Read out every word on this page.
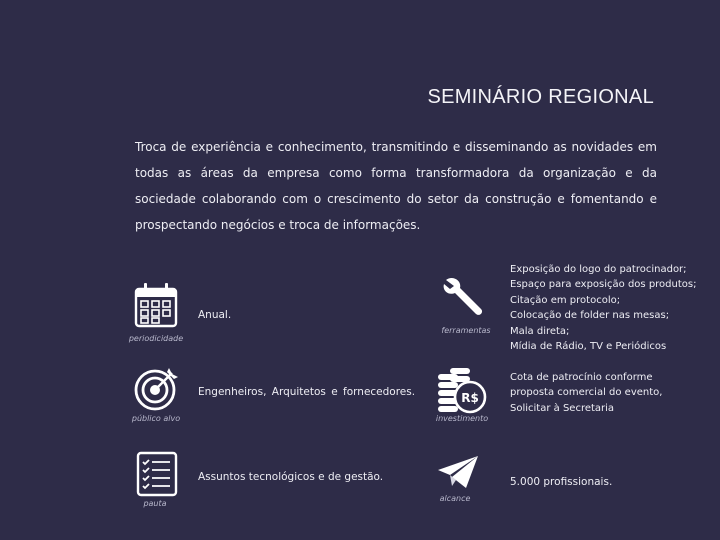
SEMINÁRIO REGIONAL
Troca de experiência e conhecimento, transmitindo e disseminando as novidades em todas as áreas da empresa como forma transformadora da organização e da sociedade colaborando com o crescimento do setor da construção e fomentando e prospectando negócios e troca de informações.
periodicidade
Anual.
público alvo
Engenheiros, Arquitetos e fornecedores.
pauta
Assuntos tecnológicos e de gestão.
ferramentas
Exposição do logo do patrocinador;
Espaço para exposição dos produtos;
Citação em protocolo;
Colocação de folder nas mesas;
Mala direta;
Mídia de Rádio, TV e Periódicos
R$
investimento
Cota de patrocínio conforme
proposta comercial do evento,
Solicitar à Secretaria
alcance
5.000 profissionais.
